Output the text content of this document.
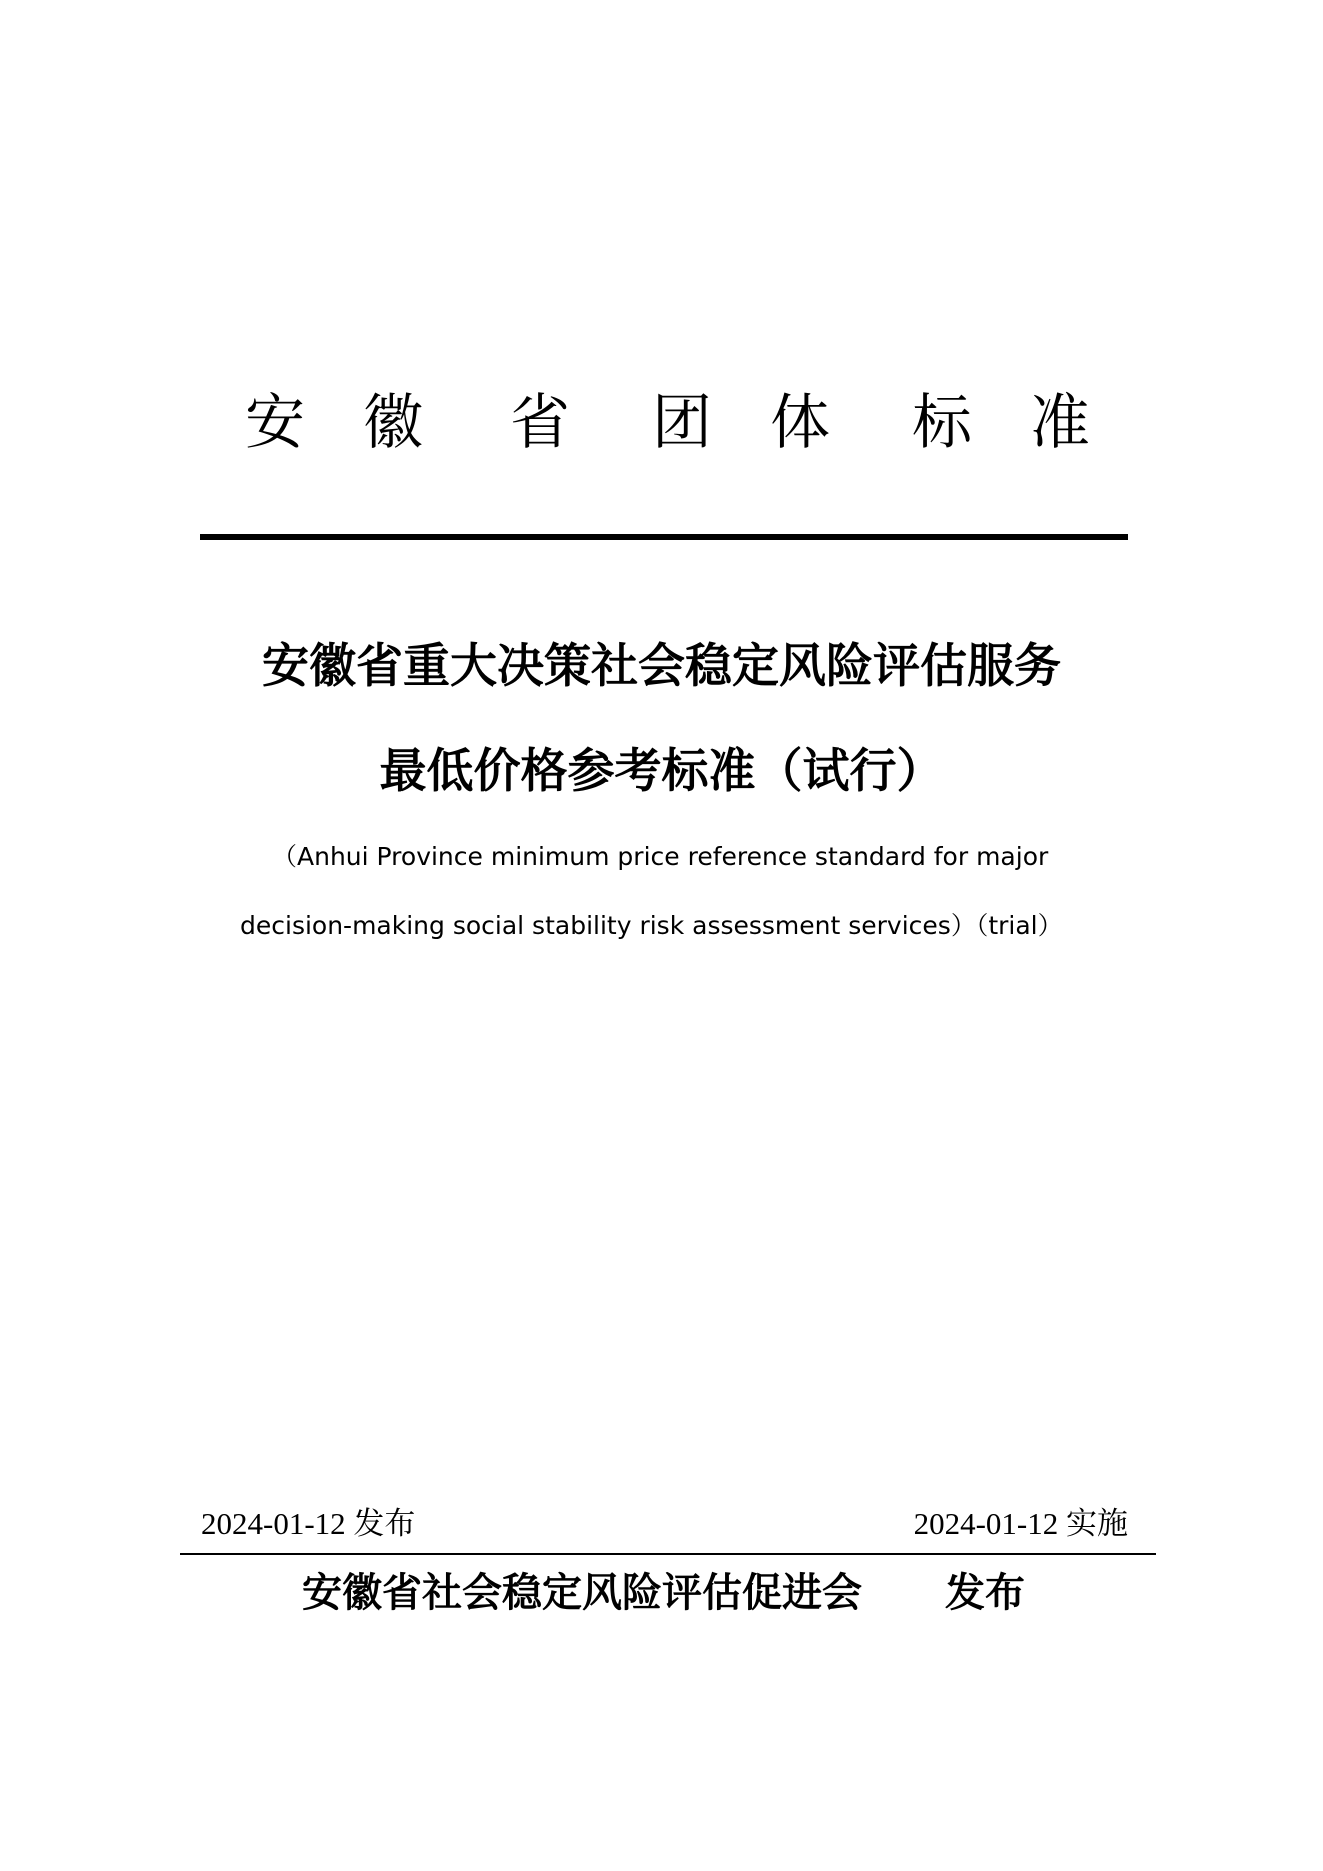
安 徽 省 团 体 标 准
安徽省重大决策社会稳定风险评估服务
最低价格参考标准（试行）
（Anhui Province minimum price reference standard for major
decision-making social stability risk assessment services）（trial）
2024-01-12 发布	2024-01-12 实施
安徽省社会稳定风险评估促进会 发布
